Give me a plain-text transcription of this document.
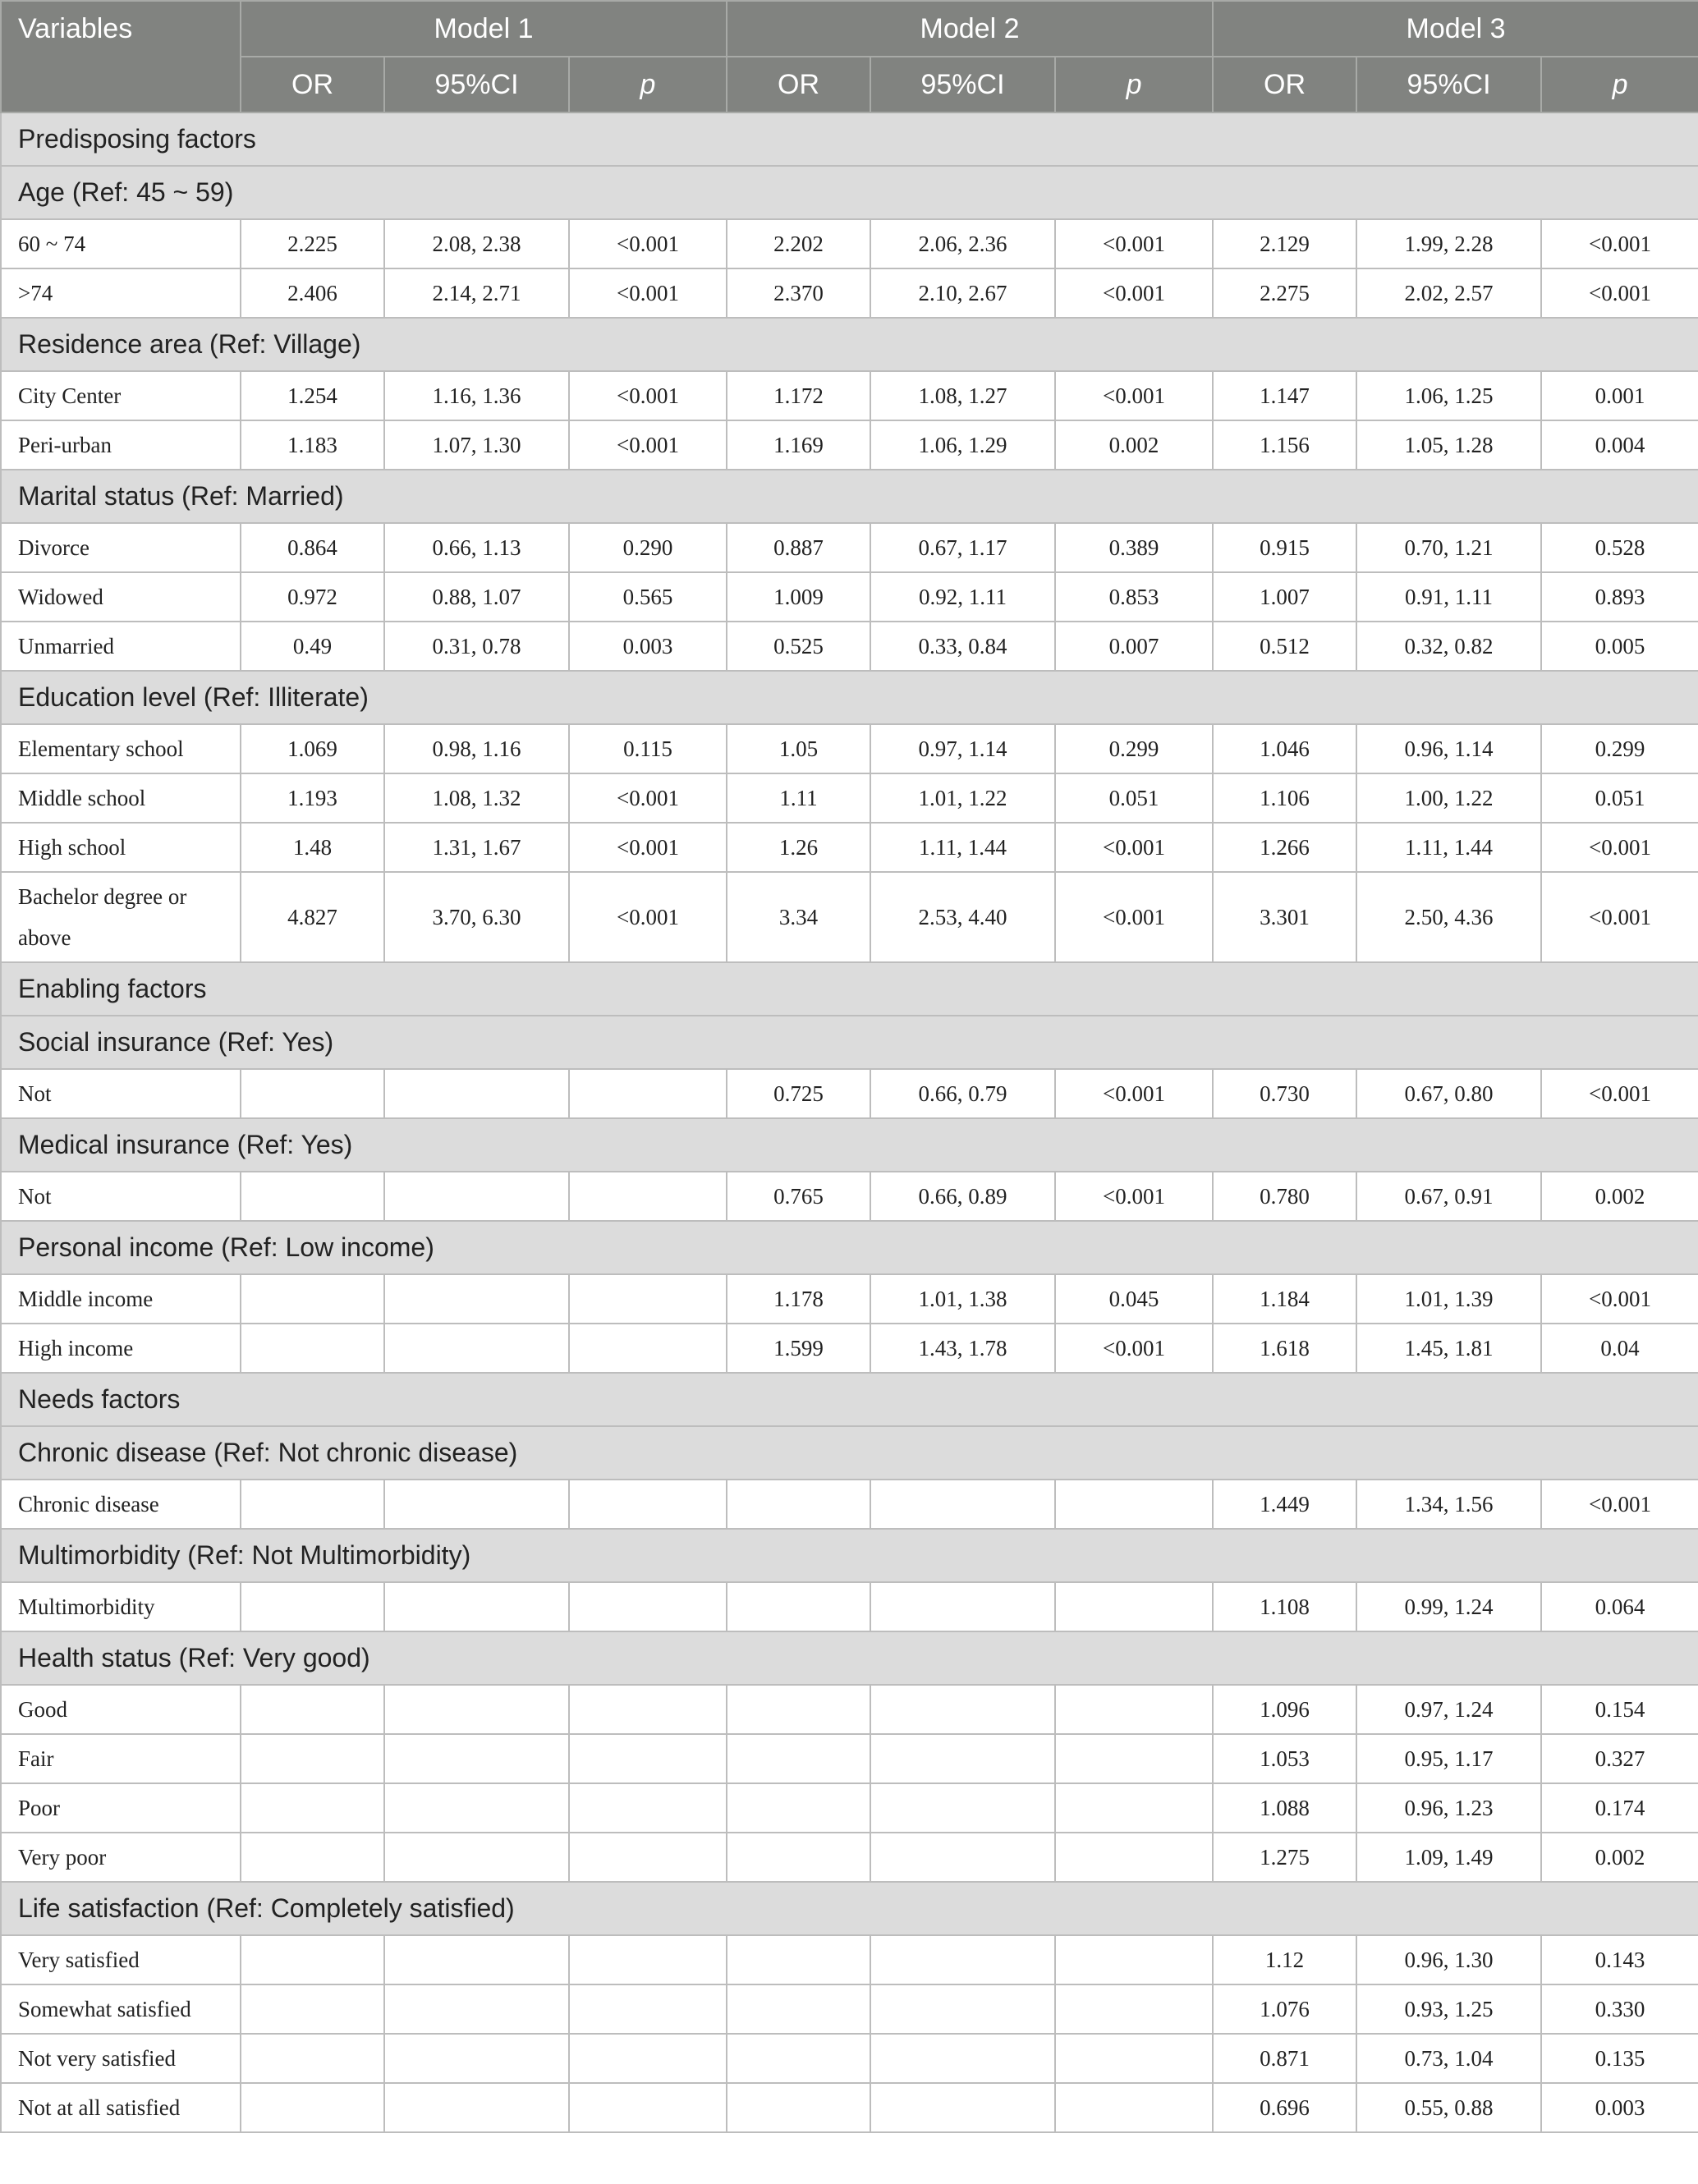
Variables	Model 1			Model 2			Model 3		
	OR	95%CI	p	OR	95%CI	p	OR	95%CI	p
Predisposing factors									
Age (Ref: 45 ~ 59)									
60 ~ 74	2.225	2.08, 2.38	<0.001	2.202	2.06, 2.36	<0.001	2.129	1.99, 2.28	<0.001
>74	2.406	2.14, 2.71	<0.001	2.370	2.10, 2.67	<0.001	2.275	2.02, 2.57	<0.001
Residence area (Ref: Village)									
City Center	1.254	1.16, 1.36	<0.001	1.172	1.08, 1.27	<0.001	1.147	1.06, 1.25	0.001
Peri-urban	1.183	1.07, 1.30	<0.001	1.169	1.06, 1.29	0.002	1.156	1.05, 1.28	0.004
Marital status (Ref: Married)									
Divorce	0.864	0.66, 1.13	0.290	0.887	0.67, 1.17	0.389	0.915	0.70, 1.21	0.528
Widowed	0.972	0.88, 1.07	0.565	1.009	0.92, 1.11	0.853	1.007	0.91, 1.11	0.893
Unmarried	0.49	0.31, 0.78	0.003	0.525	0.33, 0.84	0.007	0.512	0.32, 0.82	0.005
Education level (Ref: Illiterate)									
Elementary school	1.069	0.98, 1.16	0.115	1.05	0.97, 1.14	0.299	1.046	0.96, 1.14	0.299
Middle school	1.193	1.08, 1.32	<0.001	1.11	1.01, 1.22	0.051	1.106	1.00, 1.22	0.051
High school	1.48	1.31, 1.67	<0.001	1.26	1.11, 1.44	<0.001	1.266	1.11, 1.44	<0.001
Bachelor degree or above	4.827	3.70, 6.30	<0.001	3.34	2.53, 4.40	<0.001	3.301	2.50, 4.36	<0.001
Enabling factors									
Social insurance (Ref: Yes)									
Not				0.725	0.66, 0.79	<0.001	0.730	0.67, 0.80	<0.001
Medical insurance (Ref: Yes)									
Not				0.765	0.66, 0.89	<0.001	0.780	0.67, 0.91	0.002
Personal income (Ref: Low income)									
Middle income				1.178	1.01, 1.38	0.045	1.184	1.01, 1.39	<0.001
High income				1.599	1.43, 1.78	<0.001	1.618	1.45, 1.81	0.04
Needs factors									
Chronic disease (Ref: Not chronic disease)									
Chronic disease							1.449	1.34, 1.56	<0.001
Multimorbidity (Ref: Not Multimorbidity)									
Multimorbidity							1.108	0.99, 1.24	0.064
Health status (Ref: Very good)									
Good							1.096	0.97, 1.24	0.154
Fair							1.053	0.95, 1.17	0.327
Poor							1.088	0.96, 1.23	0.174
Very poor							1.275	1.09, 1.49	0.002
Life satisfaction (Ref: Completely satisfied)									
Very satisfied							1.12	0.96, 1.30	0.143
Somewhat satisfied							1.076	0.93, 1.25	0.330
Not very satisfied							0.871	0.73, 1.04	0.135
Not at all satisfied							0.696	0.55, 0.88	0.003
